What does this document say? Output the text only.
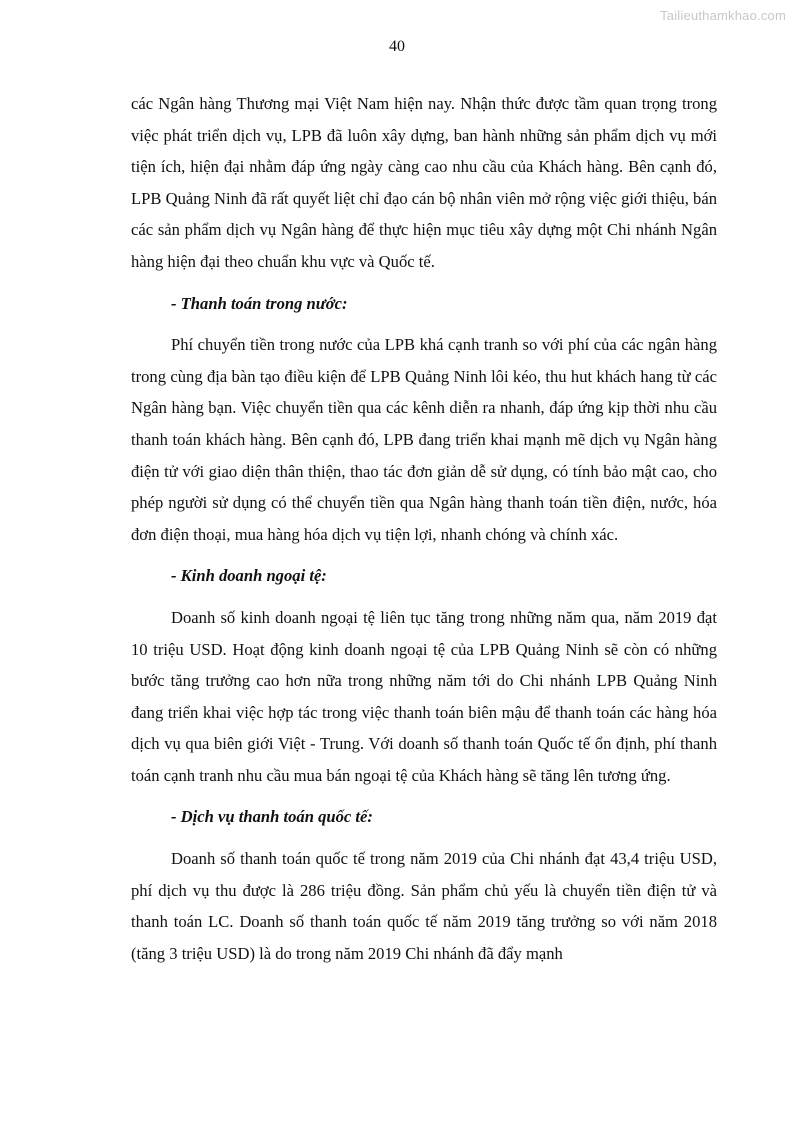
Tailieuthamkhao.com
40

các Ngân hàng Thương mại Việt Nam hiện nay. Nhận thức được tầm quan trọng trong việc phát triển dịch vụ, LPB đã luôn xây dựng, ban hành những sản phẩm dịch vụ mới tiện ích, hiện đại nhằm đáp ứng ngày càng cao nhu cầu của Khách hàng. Bên cạnh đó, LPB Quảng Ninh đã rất quyết liệt chỉ đạo cán bộ nhân viên mở rộng việc giới thiệu, bán các sản phẩm dịch vụ Ngân hàng để thực hiện mục tiêu xây dựng một Chi nhánh Ngân hàng hiện đại theo chuẩn khu vực và Quốc tế.

- Thanh toán trong nước:

Phí chuyển tiền trong nước của LPB khá cạnh tranh so với phí của các ngân hàng trong cùng địa bàn tạo điều kiện để LPB Quảng Ninh lôi kéo, thu hut khách hang từ các Ngân hàng bạn. Việc chuyển tiền qua các kênh diễn ra nhanh, đáp ứng kịp thời nhu cầu thanh toán khách hàng. Bên cạnh đó, LPB đang triển khai mạnh mẽ dịch vụ Ngân hàng điện tử với giao diện thân thiện, thao tác đơn giản dễ sử dụng, có tính bảo mật cao, cho phép người sử dụng có thể chuyển tiền qua Ngân hàng thanh toán tiền điện, nước, hóa đơn điện thoại, mua hàng hóa dịch vụ tiện lợi, nhanh chóng và chính xác.

- Kinh doanh ngoại tệ:

Doanh số kinh doanh ngoại tệ liên tục tăng trong những năm qua, năm 2019 đạt 10 triệu USD. Hoạt động kinh doanh ngoại tệ của LPB Quảng Ninh sẽ còn có những bước tăng trưởng cao hơn nữa trong những năm tới do Chi nhánh LPB Quảng Ninh đang triển khai việc hợp tác trong việc thanh toán biên mậu để thanh toán các hàng hóa dịch vụ qua biên giới Việt - Trung. Với doanh số thanh toán Quốc tế ổn định, phí thanh toán cạnh tranh nhu cầu mua bán ngoại tệ của Khách hàng sẽ tăng lên tương ứng.

- Dịch vụ thanh toán quốc tế:

Doanh số thanh toán quốc tế trong năm 2019 của Chi nhánh đạt 43,4 triệu USD, phí dịch vụ thu được là 286 triệu đồng. Sản phẩm chủ yếu là chuyển tiền điện tử và thanh toán LC. Doanh số thanh toán quốc tế năm 2019 tăng trưởng so với năm 2018 (tăng 3 triệu USD) là do trong năm 2019 Chi nhánh đã đẩy mạnh
